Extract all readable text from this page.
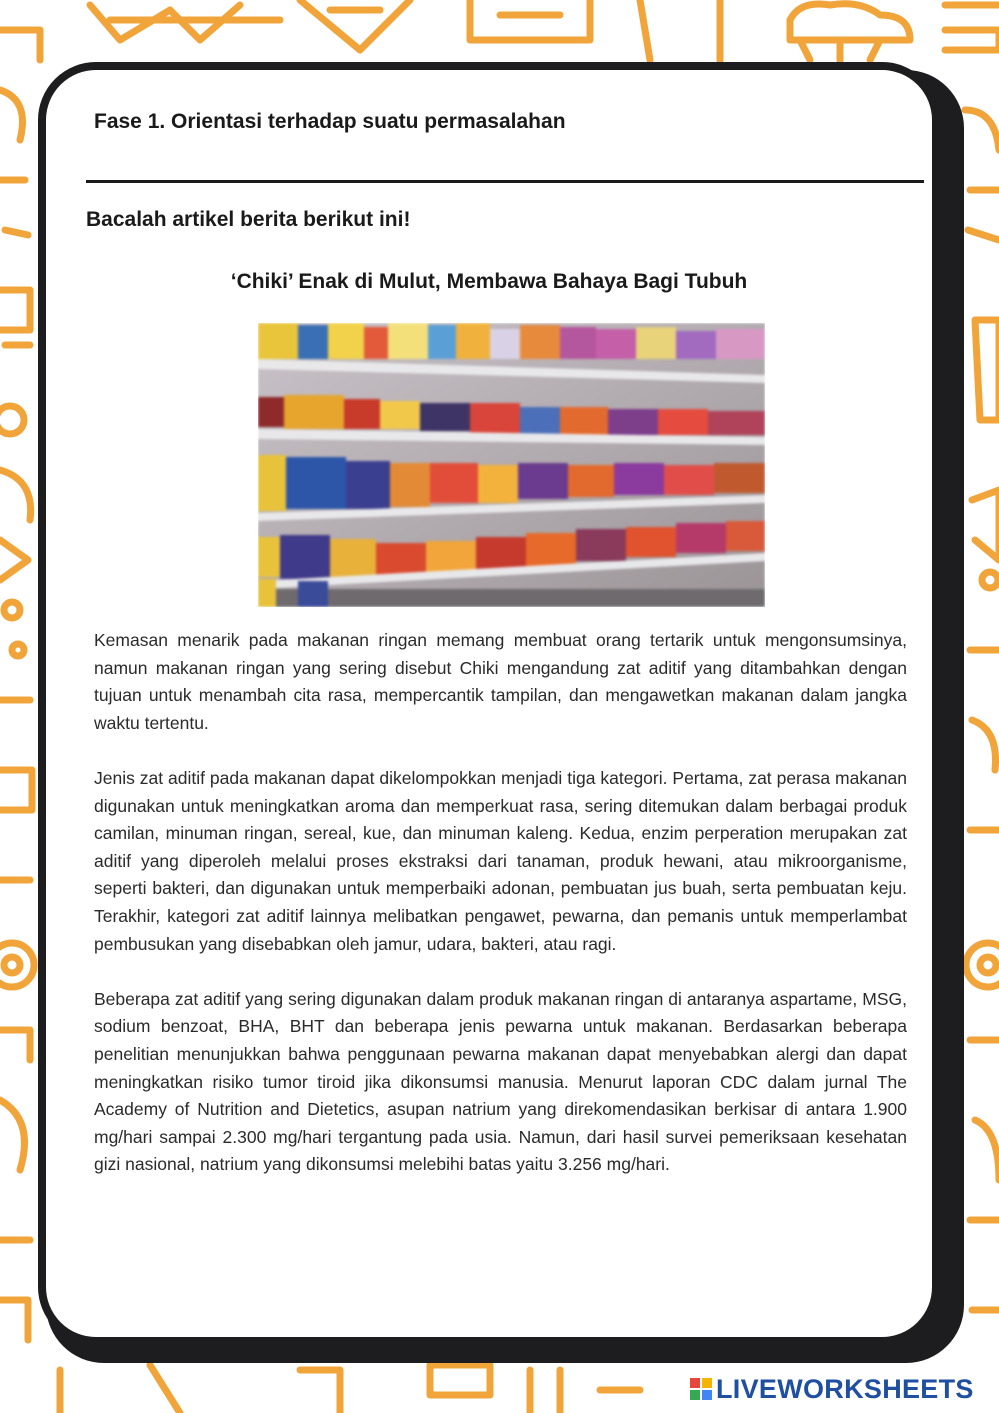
Fase 1. Orientasi terhadap suatu permasalahan
Bacalah artikel berita berikut ini!
‘Chiki’ Enak di Mulut, Membawa Bahaya Bagi Tubuh

Kemasan menarik pada makanan ringan memang membuat orang tertarik untuk mengonsumsinya, namun makanan ringan yang sering disebut Chiki mengandung zat aditif yang ditambahkan dengan tujuan untuk menambah cita rasa, mempercantik tampilan, dan mengawetkan makanan dalam jangka waktu tertentu.

Jenis zat aditif pada makanan dapat dikelompokkan menjadi tiga kategori. Pertama, zat perasa makanan digunakan untuk meningkatkan aroma dan memperkuat rasa, sering ditemukan dalam berbagai produk camilan, minuman ringan, sereal, kue, dan minuman kaleng. Kedua, enzim perperation merupakan zat aditif yang diperoleh melalui proses ekstraksi dari tanaman, produk hewani, atau mikroorganisme, seperti bakteri, dan digunakan untuk memperbaiki adonan, pembuatan jus buah, serta pembuatan keju. Terakhir, kategori zat aditif lainnya melibatkan pengawet, pewarna, dan pemanis untuk memperlambat pembusukan yang disebabkan oleh jamur, udara, bakteri, atau ragi.

Beberapa zat aditif yang sering digunakan dalam produk makanan ringan di antaranya aspartame, MSG, sodium benzoat, BHA, BHT dan beberapa jenis pewarna untuk makanan. Berdasarkan beberapa penelitian menunjukkan bahwa penggunaan pewarna makanan dapat menyebabkan alergi dan dapat meningkatkan risiko tumor tiroid jika dikonsumsi manusia. Menurut laporan CDC dalam jurnal The Academy of Nutrition and Dietetics, asupan natrium yang direkomendasikan berkisar di antara 1.900 mg/hari sampai 2.300 mg/hari tergantung pada usia. Namun, dari hasil survei pemeriksaan kesehatan gizi nasional, natrium yang dikonsumsi melebihi batas yaitu 3.256 mg/hari.

LIVEWORKSHEETS
